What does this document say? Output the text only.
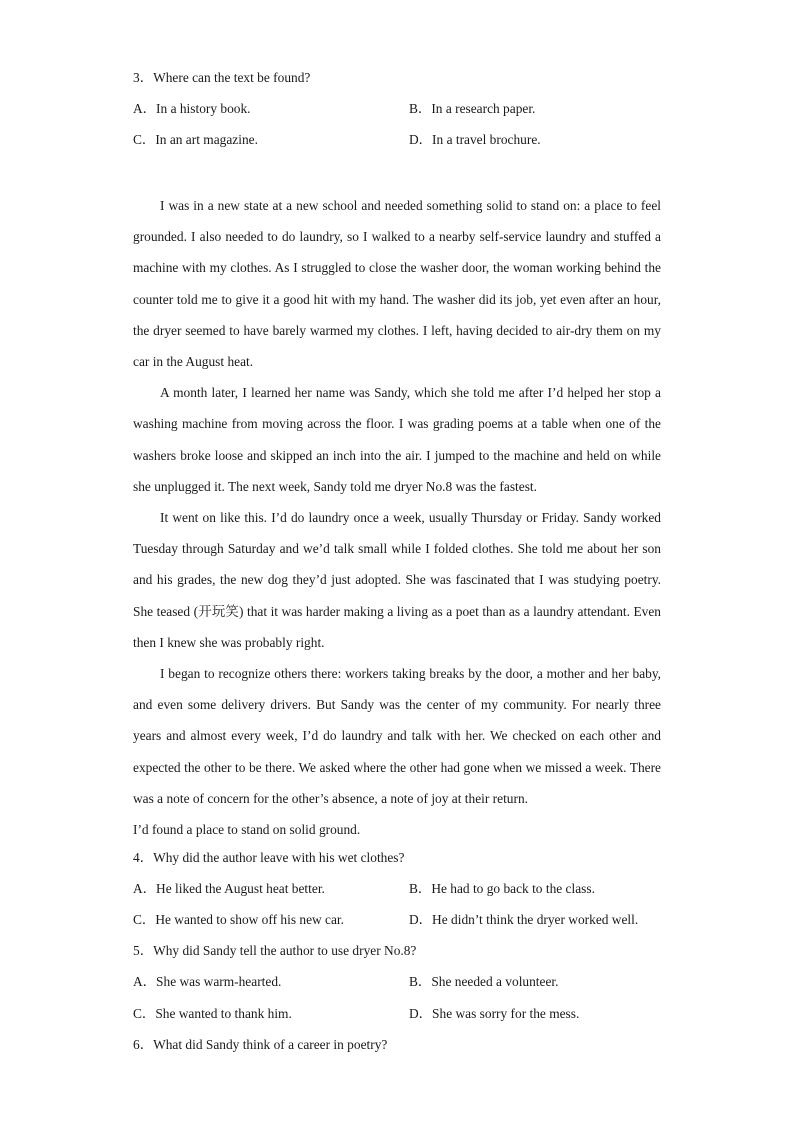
3．Where can the text be found?
A．In a history book.	B．In a research paper.
C．In an art magazine.	D．In a travel brochure.

I was in a new state at a new school and needed something solid to stand on: a place to feel grounded. I also needed to do laundry, so I walked to a nearby self-service laundry and stuffed a machine with my clothes. As I struggled to close the washer door, the woman working behind the counter told me to give it a good hit with my hand. The washer did its job, yet even after an hour, the dryer seemed to have barely warmed my clothes. I left, having decided to air-dry them on my car in the August heat.

A month later, I learned her name was Sandy, which she told me after I’d helped her stop a washing machine from moving across the floor. I was grading poems at a table when one of the washers broke loose and skipped an inch into the air. I jumped to the machine and held on while she unplugged it. The next week, Sandy told me dryer No.8 was the fastest.

It went on like this. I’d do laundry once a week, usually Thursday or Friday. Sandy worked Tuesday through Saturday and we’d talk small while I folded clothes. She told me about her son and his grades, the new dog they’d just adopted. She was fascinated that I was studying poetry. She teased (开玩笑) that it was harder making a living as a poet than as a laundry attendant. Even then I knew she was probably right.

I began to recognize others there: workers taking breaks by the door, a mother and her baby, and even some delivery drivers. But Sandy was the center of my community. For nearly three years and almost every week, I’d do laundry and talk with her. We checked on each other and expected the other to be there. We asked where the other had gone when we missed a week. There was a note of concern for the other’s absence, a note of joy at their return.

I’d found a place to stand on solid ground.

4．Why did the author leave with his wet clothes?
A．He liked the August heat better.	B．He had to go back to the class.
C．He wanted to show off his new car.	D．He didn’t think the dryer worked well.
5．Why did Sandy tell the author to use dryer No.8?
A．She was warm-hearted.	B．She needed a volunteer.
C．She wanted to thank him.	D．She was sorry for the mess.
6．What did Sandy think of a career in poetry?
